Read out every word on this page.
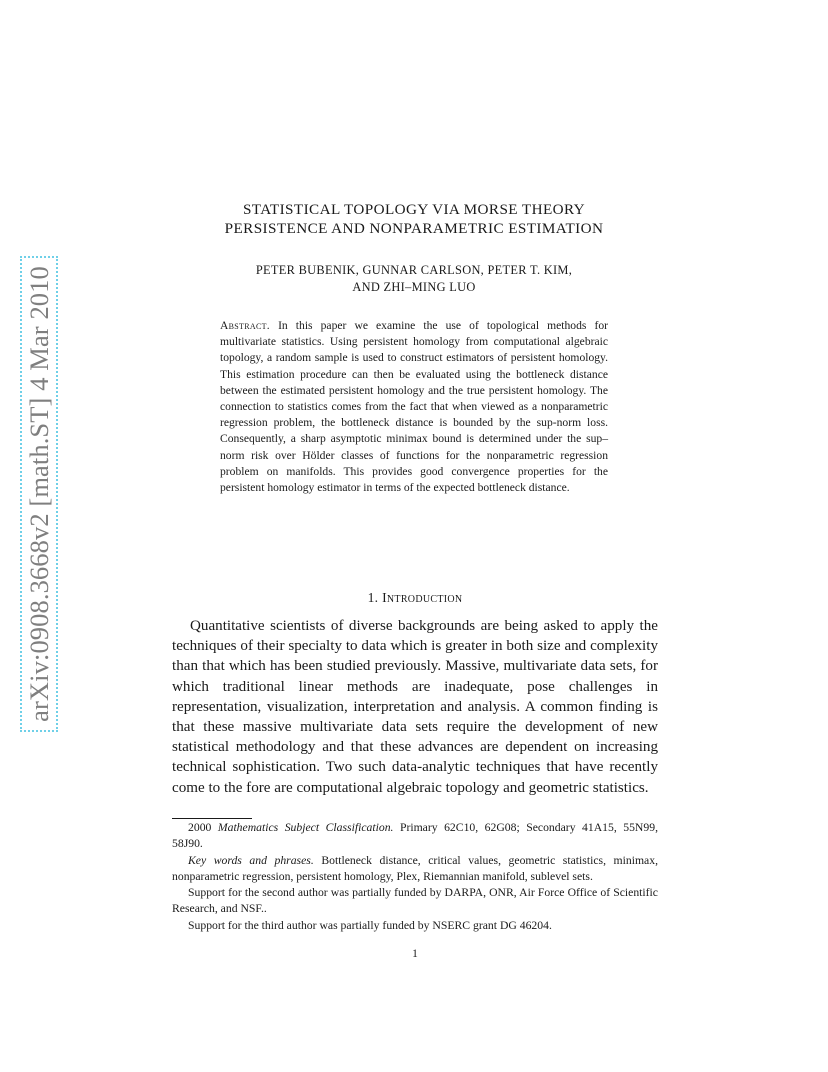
arXiv:0908.3668v2 [math.ST] 4 Mar 2010
STATISTICAL TOPOLOGY VIA MORSE THEORY
PERSISTENCE AND NONPARAMETRIC ESTIMATION
PETER BUBENIK, GUNNAR CARLSON, PETER T. KIM,
AND ZHI–MING LUO

Abstract. In this paper we examine the use of topological methods for multivariate statistics. Using persistent homology from computational algebraic topology, a random sample is used to construct estimators of persistent homology. This estimation procedure can then be evaluated using the bottleneck distance between the estimated persistent homology and the true persistent homology. The connection to statistics comes from the fact that when viewed as a nonparametric regression problem, the bottleneck distance is bounded by the sup-norm loss. Consequently, a sharp asymptotic minimax bound is determined under the sup–norm risk over Hölder classes of functions for the nonparametric regression problem on manifolds. This provides good convergence properties for the persistent homology estimator in terms of the expected bottleneck distance.

1. Introduction

Quantitative scientists of diverse backgrounds are being asked to apply the techniques of their specialty to data which is greater in both size and complexity than that which has been studied previously. Massive, multivariate data sets, for which traditional linear methods are inadequate, pose challenges in representation, visualization, interpretation and analysis. A common finding is that these massive multivariate data sets require the development of new statistical methodology and that these advances are dependent on increasing technical sophistication. Two such data-analytic techniques that have recently come to the fore are computational algebraic topology and geometric statistics.

2000 Mathematics Subject Classification. Primary 62C10, 62G08; Secondary 41A15, 55N99, 58J90.

Key words and phrases. Bottleneck distance, critical values, geometric statistics, minimax, nonparametric regression, persistent homology, Plex, Riemannian manifold, sublevel sets.

Support for the second author was partially funded by DARPA, ONR, Air Force Office of Scientific Research, and NSF..

Support for the third author was partially funded by NSERC grant DG 46204.

1
